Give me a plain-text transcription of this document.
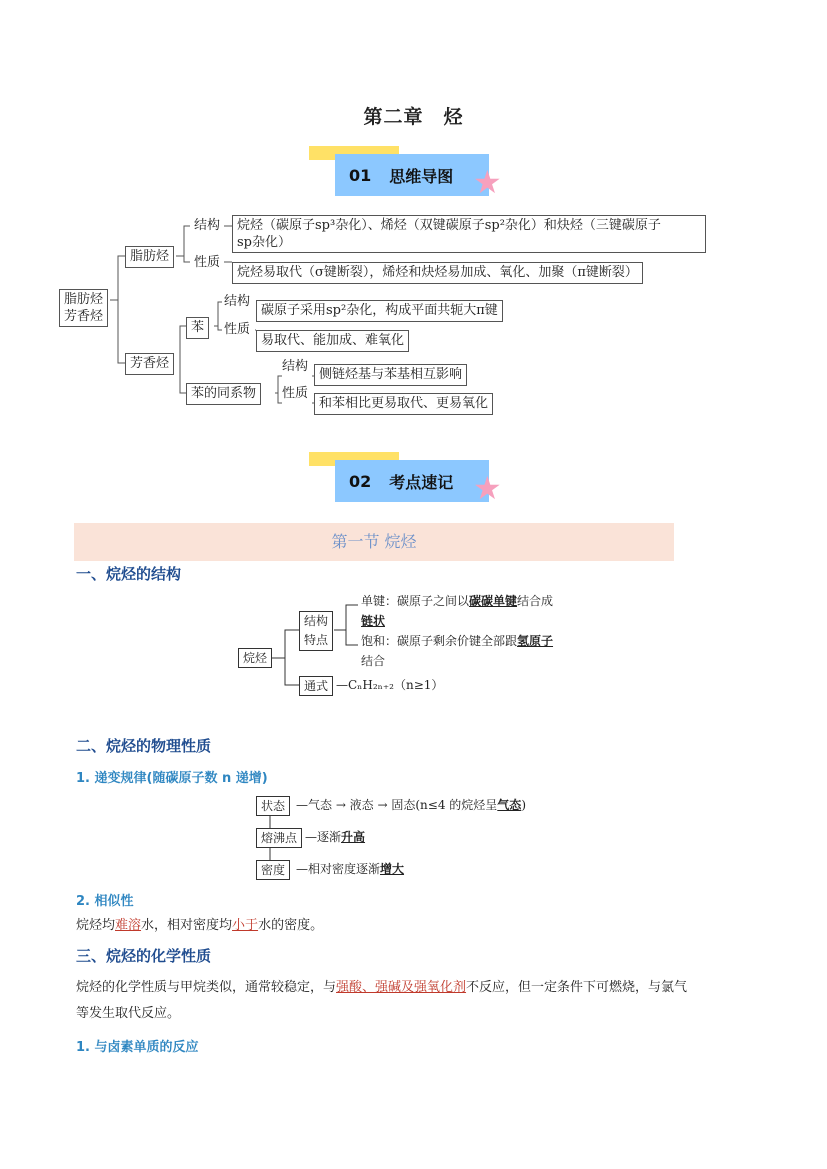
第二章　烃
01 思维导图 ★
脂肪烃
芳香烃
脂肪烃
结构 烷烃（碳原子sp³杂化）、烯烃（双键碳原子sp²杂化）和炔烃（三键碳原子
sp杂化）
性质
烷烃易取代（σ键断裂），烯烃和炔烃易加成、氧化、加聚（π键断裂）
芳香烃
苯
结构
碳原子采用sp²杂化，构成平面共轭大π键
性质
易取代、能加成、难氧化
苯的同系物
结构
侧链烃基与苯基相互影响
性质
和苯相比更易取代、更易氧化
02 考点速记 ★
第一节 烷烃
一、烷烃的结构
烷烃
结构
特点
单键：碳原子之间以碳碳单键结合成
链状
饱和：碳原子剩余价键全部跟氢原子
结合
通式 —CₙH₂ₙ₊₂（n≥1）
二、烷烃的物理性质
1. 递变规律(随碳原子数 n 递增)
状态 —气态 → 液态 → 固态(n≤4 的烷烃呈气态)
熔沸点 —逐渐升高
密度 —相对密度逐渐增大
2. 相似性
烷烃均难溶水，相对密度均小于水的密度。
三、烷烃的化学性质
烷烃的化学性质与甲烷类似，通常较稳定，与强酸、强碱及强氧化剂不反应，但一定条件下可燃烧，与氯气
等发生取代反应。
1. 与卤素单质的反应
